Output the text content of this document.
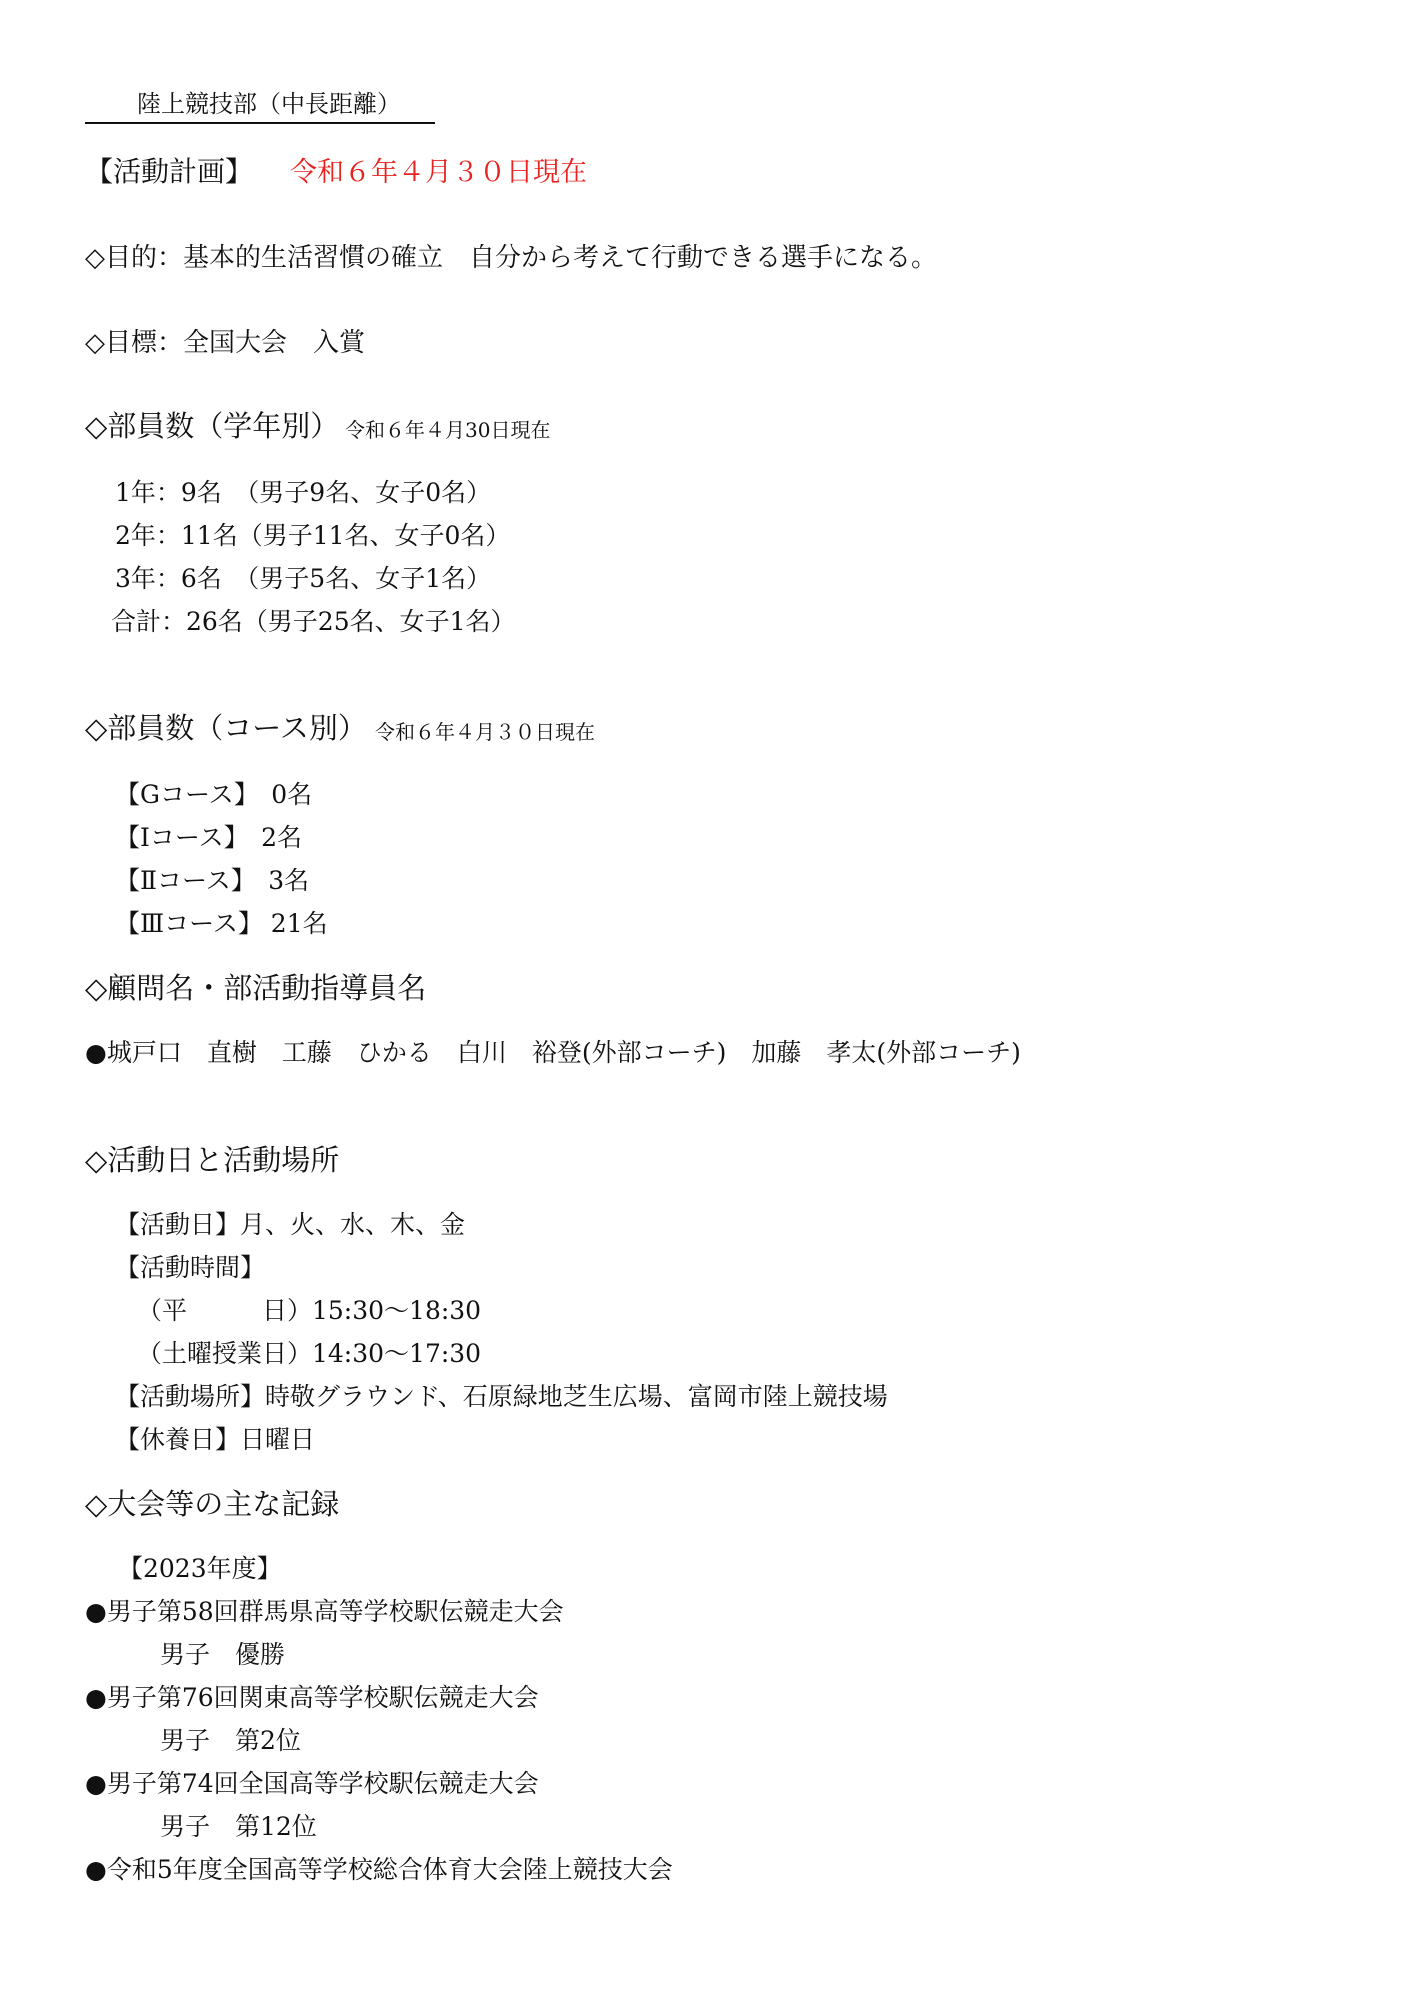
陸上競技部（中長距離）
【活動計画】 令和６年４月３０日現在
◇目的：基本的生活習慣の確立　自分から考えて行動できる選手になる。
◇目標：全国大会　入賞
◇部員数（学年別） 令和６年４月30日現在
1年：9名　（男子9名、女子0名）
2年：11名（男子11名、女子0名）
3年：6名　（男子5名、女子1名）
合計：26名（男子25名、女子1名）
◇部員数（コース別） 令和６年４月３０日現在
【Gコース】　0名
【Ⅰコース】　2名
【Ⅱコース】　3名
【Ⅲコース】 21名
◇顧問名・部活動指導員名
●城戸口　直樹　工藤　ひかる　白川　裕登(外部コーチ)　加藤　孝太(外部コーチ)
◇活動日と活動場所
【活動日】月、火、水、木、金
【活動時間】
（平　　　日）15:30〜18:30
（土曜授業日）14:30〜17:30
【活動場所】時敬グラウンド、石原緑地芝生広場、富岡市陸上競技場
【休養日】日曜日
◇大会等の主な記録
【2023年度】
●男子第58回群馬県高等学校駅伝競走大会
男子　優勝
●男子第76回関東高等学校駅伝競走大会
男子　第2位
●男子第74回全国高等学校駅伝競走大会
男子　第12位
●令和5年度全国高等学校総合体育大会陸上競技大会
